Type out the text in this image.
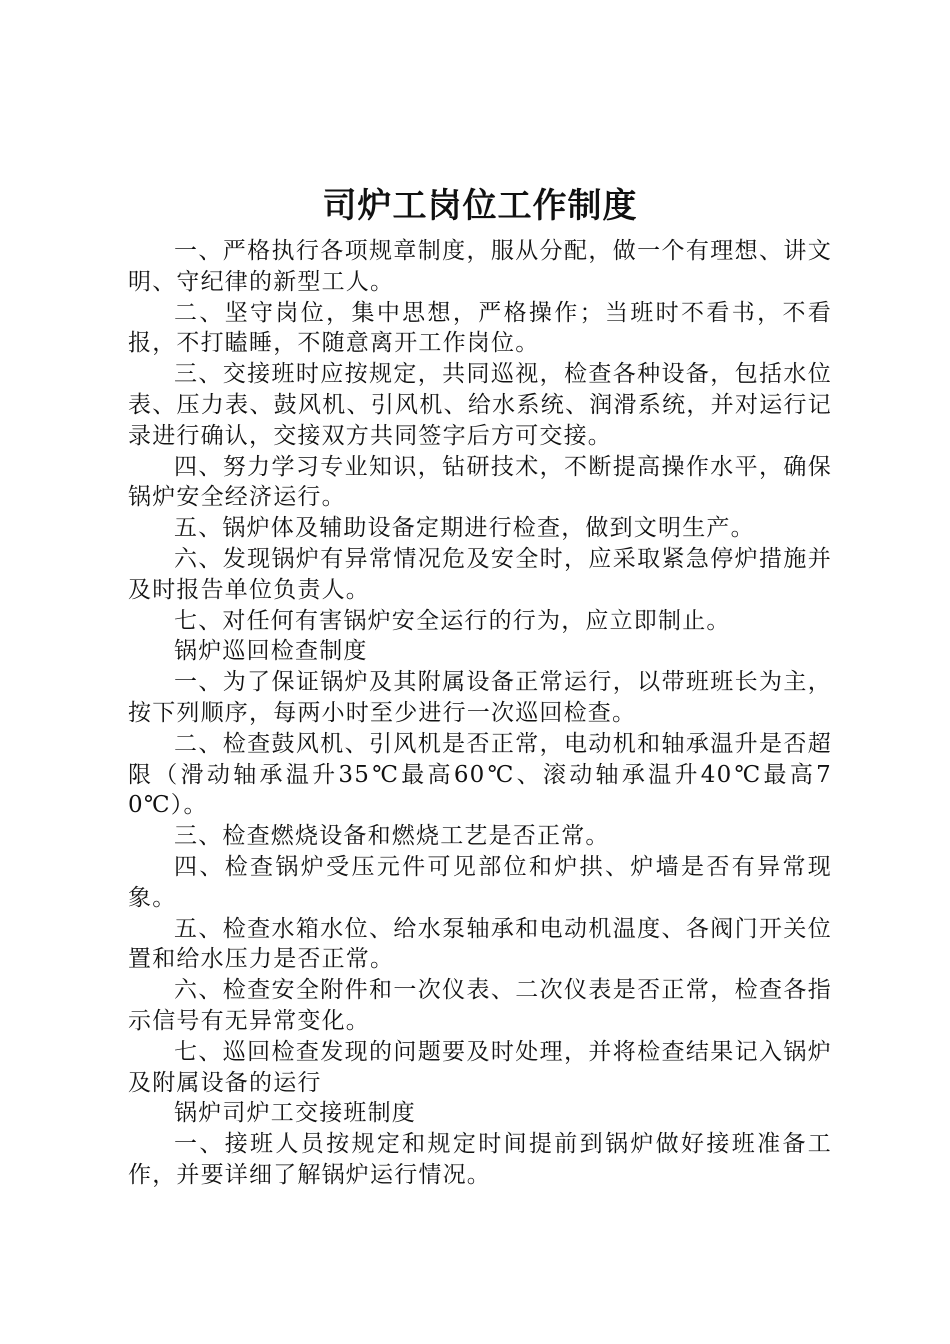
司炉工岗位工作制度

一、严格执行各项规章制度，服从分配，做一个有理想、讲文明、守纪律的新型工人。

二、坚守岗位，集中思想，严格操作；当班时不看书，不看报，不打瞌睡，不随意离开工作岗位。

三、交接班时应按规定，共同巡视，检查各种设备，包括水位表、压力表、鼓风机、引风机、给水系统、润滑系统，并对运行记录进行确认，交接双方共同签字后方可交接。

四、努力学习专业知识，钻研技术，不断提高操作水平，确保锅炉安全经济运行。

五、锅炉体及辅助设备定期进行检查，做到文明生产。

六、发现锅炉有异常情况危及安全时，应采取紧急停炉措施并及时报告单位负责人。

七、对任何有害锅炉安全运行的行为，应立即制止。

锅炉巡回检查制度

一、为了保证锅炉及其附属设备正常运行，以带班班长为主，按下列顺序，每两小时至少进行一次巡回检查。

二、检查鼓风机、引风机是否正常，电动机和轴承温升是否超限（滑动轴承温升35℃最高60℃、滚动轴承温升40℃最高70℃）。

三、检查燃烧设备和燃烧工艺是否正常。

四、检查锅炉受压元件可见部位和炉拱、炉墙是否有异常现象。

五、检查水箱水位、给水泵轴承和电动机温度、各阀门开关位置和给水压力是否正常。

六、检查安全附件和一次仪表、二次仪表是否正常，检查各指示信号有无异常变化。

七、巡回检查发现的问题要及时处理，并将检查结果记入锅炉及附属设备的运行

锅炉司炉工交接班制度

一、接班人员按规定和规定时间提前到锅炉做好接班准备工作，并要详细了解锅炉运行情况。
